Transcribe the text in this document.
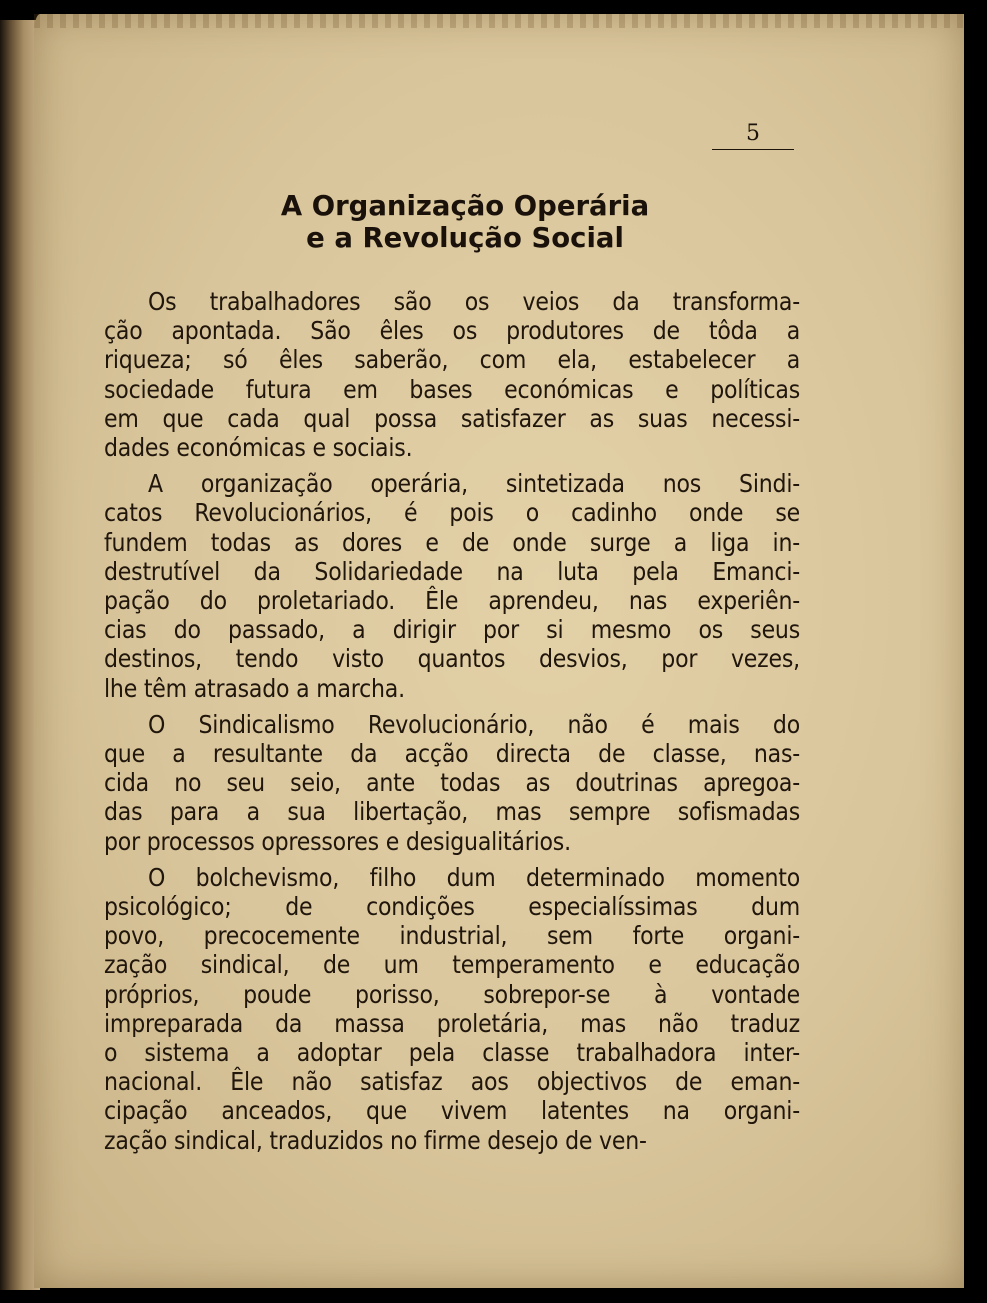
5
A Organização Operária
e a Revolução Social

Os trabalhadores são os veios da transforma-
ção apontada. São êles os produtores de tôda a
riqueza; só êles saberão, com ela, estabelecer a
sociedade futura em bases económicas e políticas
em que cada qual possa satisfazer as suas necessi-
dades económicas e sociais.

A organização operária, sintetizada nos Sindi-
catos Revolucionários, é pois o cadinho onde se
fundem todas as dores e de onde surge a liga in-
destrutível da Solidariedade na luta pela Emanci-
pação do proletariado. Êle aprendeu, nas experiên-
cias do passado, a dirigir por si mesmo os seus
destinos, tendo visto quantos desvios, por vezes,
lhe têm atrasado a marcha.

O Sindicalismo Revolucionário, não é mais do
que a resultante da acção directa de classe, nas-
cida no seu seio, ante todas as doutrinas apregoa-
das para a sua libertação, mas sempre sofismadas
por processos opressores e desigualitários.

O bolchevismo, filho dum determinado momento
psicológico; de condições especialíssimas dum
povo, precocemente industrial, sem forte organi-
zação sindical, de um temperamento e educação
próprios, poude porisso, sobrepor-se à vontade
impreparada da massa proletária, mas não traduz
o sistema a adoptar pela classe trabalhadora inter-
nacional. Êle não satisfaz aos objectivos de eman-
cipação anceados, que vivem latentes na organi-
zação sindical, traduzidos no firme desejo de ven-
